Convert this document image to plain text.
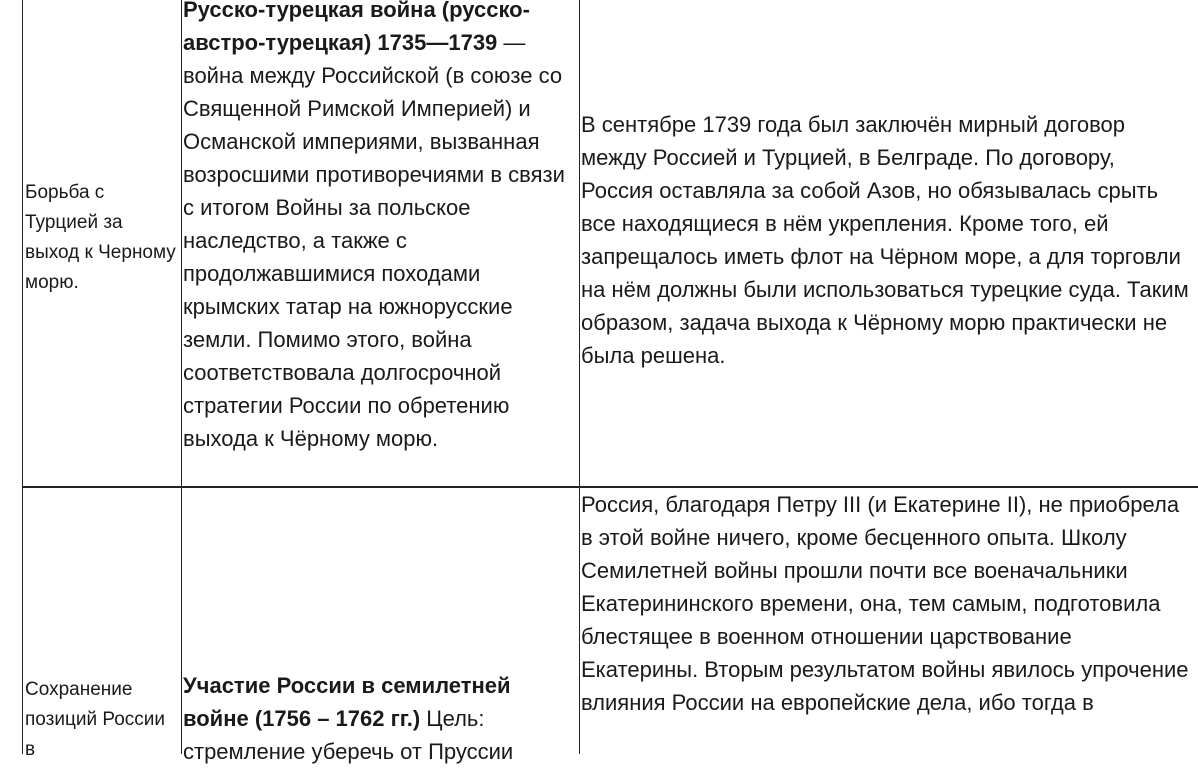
Борьба с Турцией за выход к Черному морю.

Русско-турецкая война (русско-австро-турецкая) 1735—1739 — война между Российской (в союзе со Священной Римской Империей) и Османской империями, вызванная возросшими противоречиями в связи с итогом Войны за польское наследство, а также с продолжавшимися походами крымских татар на южнорусские земли. Помимо этого, война соответствовала долгосрочной стратегии России по обретению выхода к Чёрному морю.

В сентябре 1739 года был заключён мирный договор между Россией и Турцией, в Белграде. По договору, Россия оставляла за собой Азов, но обязывалась срыть все находящиеся в нём укрепления. Кроме того, ей запрещалось иметь флот на Чёрном море, а для торговли на нём должны были использоваться турецкие суда. Таким образом, задача выхода к Чёрному морю практически не была решена.

Сохранение позиций России в

Участие России в семилетней войне (1756 – 1762 гг.) Цель: стремление уберечь от Пруссии

Россия, благодаря Петру III (и Екатерине II), не приобрела в этой войне ничего, кроме бесценного опыта. Школу Семилетней войны прошли почти все военачальники Екатерининского времени, она, тем самым, подготовила блестящее в военном отношении царствование Екатерины. Вторым результатом войны явилось упрочение влияния России на европейские дела, ибо тогда в
